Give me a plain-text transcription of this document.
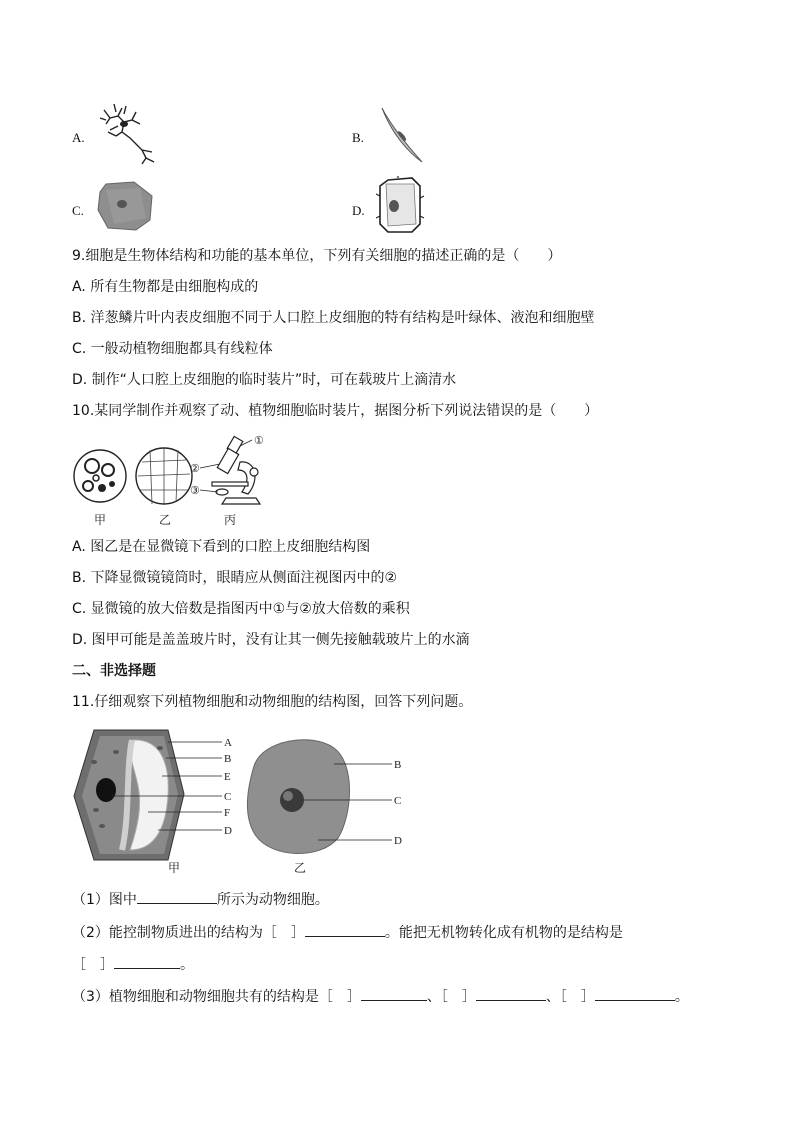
A.	B.
C.	D.
9.细胞是生物体结构和功能的基本单位，下列有关细胞的描述正确的是（　　）
A. 所有生物都是由细胞构成的
B. 洋葱鳞片叶内表皮细胞不同于人口腔上皮细胞的特有结构是叶绿体、液泡和细胞壁
C. 一般动植物细胞都具有线粒体
D. 制作“人口腔上皮细胞的临时装片”时，可在载玻片上滴清水
10.某同学制作并观察了动、植物细胞临时装片，据图分析下列说法错误的是（　　）
甲	乙
①
②
③
丙
A. 图乙是在显微镜下看到的口腔上皮细胞结构图
B. 下降显微镜镜筒时，眼睛应从侧面注视图丙中的②
C. 显微镜的放大倍数是指图丙中①与②放大倍数的乘积
D. 图甲可能是盖盖玻片时，没有让其一侧先接触载玻片上的水滴
二、非选择题
11.仔细观察下列植物细胞和动物细胞的结构图，回答下列问题。
A
B
E
C
F
D
甲
B
C
D
乙
（1）图中	所示为动物细胞。
（2）能控制物质进出的结构为［　］	。能把无机物转化成有机物的是结构是
［　］	。
（3）植物细胞和动物细胞共有的结构是［　］	、［　］	、［　］	。
